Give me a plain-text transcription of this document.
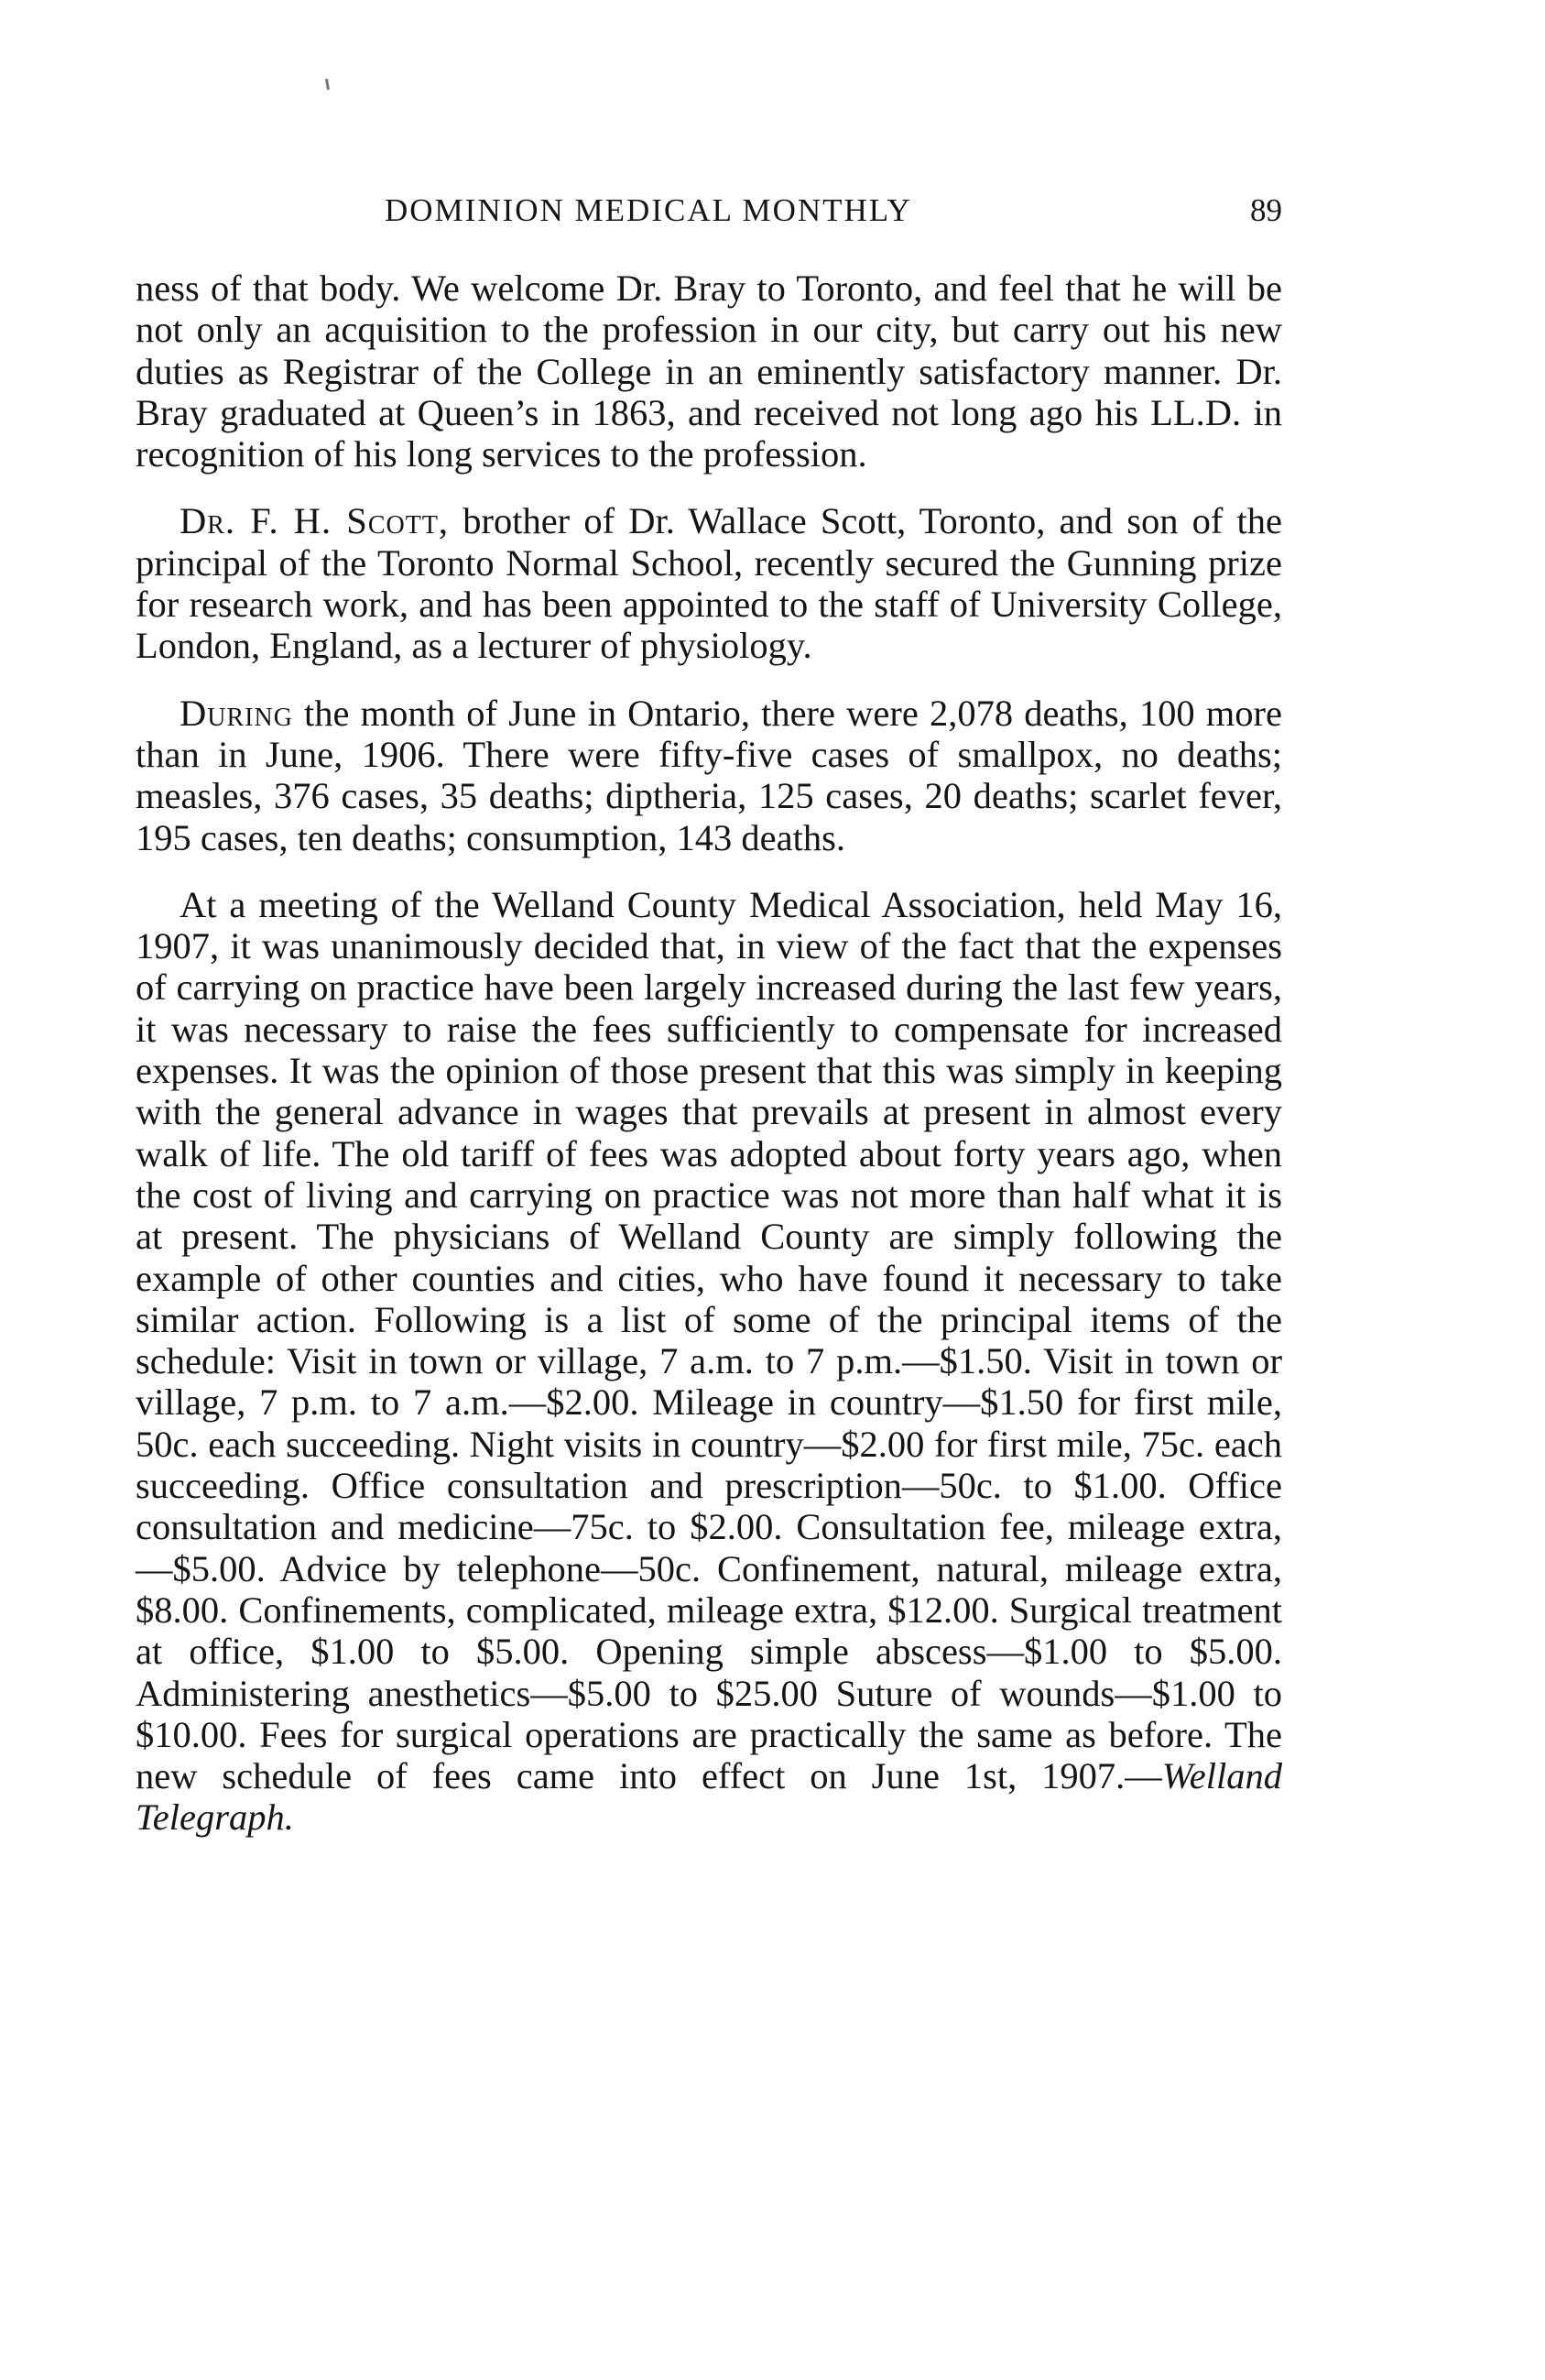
DOMINION MEDICAL MONTHLY	89

ness of that body. We welcome Dr. Bray to Toronto, and feel that he will be not only an acquisition to the profession in our city, but carry out his new duties as Registrar of the College in an eminently satisfactory manner. Dr. Bray graduated at Queen’s in 1863, and received not long ago his LL.D. in recognition of his long services to the profession.

Dr. F. H. Scott, brother of Dr. Wallace Scott, Toronto, and son of the principal of the Toronto Normal School, recently secured the Gunning prize for research work, and has been appointed to the staff of University College, London, England, as a lecturer of physiology.

During the month of June in Ontario, there were 2,078 deaths, 100 more than in June, 1906. There were fifty-five cases of smallpox, no deaths; measles, 376 cases, 35 deaths; diptheria, 125 cases, 20 deaths; scarlet fever, 195 cases, ten deaths; consumption, 143 deaths.

At a meeting of the Welland County Medical Association, held May 16, 1907, it was unanimously decided that, in view of the fact that the expenses of carrying on practice have been largely increased during the last few years, it was necessary to raise the fees sufficiently to compensate for increased expenses. It was the opinion of those present that this was simply in keeping with the general advance in wages that prevails at present in almost every walk of life. The old tariff of fees was adopted about forty years ago, when the cost of living and carrying on practice was not more than half what it is at present. The physicians of Welland County are simply following the example of other counties and cities, who have found it necessary to take similar action. Following is a list of some of the principal items of the schedule: Visit in town or village, 7 a.m. to 7 p.m.—$1.50. Visit in town or village, 7 p.m. to 7 a.m.—$2.00. Mileage in country—$1.50 for first mile, 50c. each succeeding. Night visits in country—$2.00 for first mile, 75c. each succeeding. Office consultation and prescription—50c. to $1.00. Office consultation and medicine—75c. to $2.00. Consultation fee, mileage extra,—$5.00. Advice by telephone—50c. Confinement, natural, mileage extra, $8.00. Confinements, complicated, mileage extra, $12.00. Surgical treatment at office, $1.00 to $5.00. Opening simple abscess—$1.00 to $5.00. Administering anesthetics—$5.00 to $25.00 Suture of wounds—$1.00 to $10.00. Fees for surgical operations are practically the same as before. The new schedule of fees came into effect on June 1st, 1907.—Welland Telegraph.
